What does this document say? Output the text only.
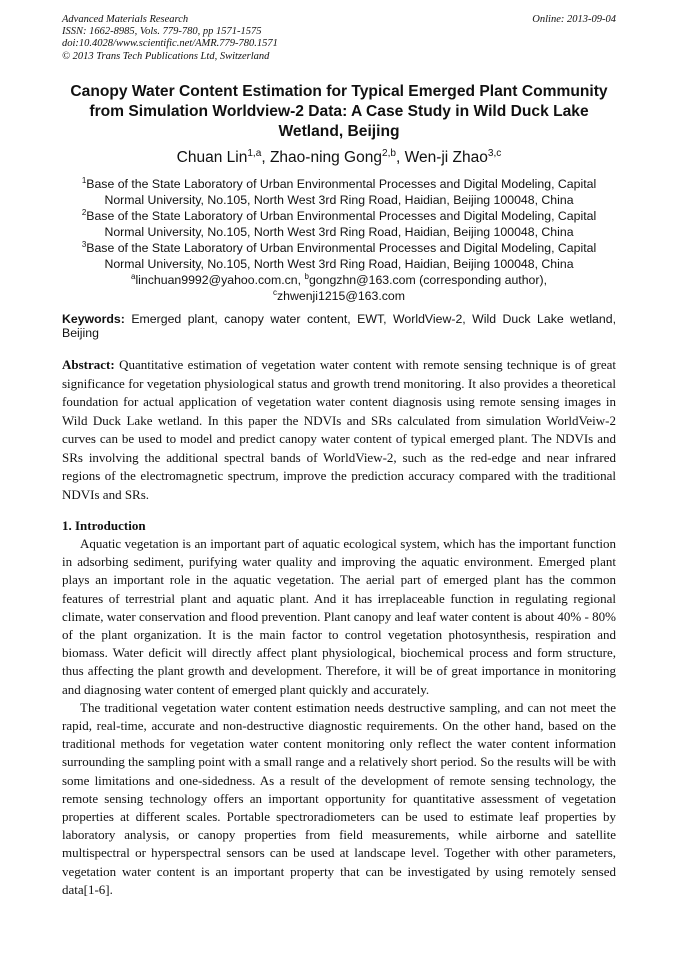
Advanced Materials Research
ISSN: 1662-8985, Vols. 779-780, pp 1571-1575
doi:10.4028/www.scientific.net/AMR.779-780.1571
© 2013 Trans Tech Publications Ltd, Switzerland
Online: 2013-09-04
Canopy Water Content Estimation for Typical Emerged Plant Community from Simulation Worldview-2 Data: A Case Study in Wild Duck Lake Wetland, Beijing
Chuan Lin$^{1,a}$, Zhao-ning Gong$^{2,b}$, Wen-ji Zhao$^{3,c}$
$^1$Base of the State Laboratory of Urban Environmental Processes and Digital Modeling, Capital Normal University, No.105, North West 3rd Ring Road, Haidian, Beijing 100048, China
$^2$Base of the State Laboratory of Urban Environmental Processes and Digital Modeling, Capital Normal University, No.105, North West 3rd Ring Road, Haidian, Beijing 100048, China
$^3$Base of the State Laboratory of Urban Environmental Processes and Digital Modeling, Capital Normal University, No.105, North West 3rd Ring Road, Haidian, Beijing 100048, China
$^a$linchuan9992@yahoo.com.cn, $^b$gongzhn@163.com (corresponding author),
$^c$zhwenji1215@163.com
Keywords: Emerged plant, canopy water content, EWT, WorldView-2, Wild Duck Lake wetland, Beijing
Abstract: Quantitative estimation of vegetation water content with remote sensing technique is of great significance for vegetation physiological status and growth trend monitoring. It also provides a theoretical foundation for actual application of vegetation water content diagnosis using remote sensing images in Wild Duck Lake wetland. In this paper the NDVIs and SRs calculated from simulation WorldVeiw-2 curves can be used to model and predict canopy water content of typical emerged plant. The NDVIs and SRs involving the additional spectral bands of WorldView-2, such as the red-edge and near infrared regions of the electromagnetic spectrum, improve the prediction accuracy compared with the traditional NDVIs and SRs.
1. Introduction

Aquatic vegetation is an important part of aquatic ecological system, which has the important function in adsorbing sediment, purifying water quality and improving the aquatic environment. Emerged plant plays an important role in the aquatic vegetation. The aerial part of emerged plant has the common features of terrestrial plant and aquatic plant. And it has irreplaceable function in regulating regional climate, water conservation and flood prevention. Plant canopy and leaf water content is about 40% - 80% of the plant organization. It is the main factor to control vegetation photosynthesis, respiration and biomass. Water deficit will directly affect plant physiological, biochemical process and form structure, thus affecting the plant growth and development. Therefore, it will be of great importance in monitoring and diagnosing water content of emerged plant quickly and accurately.

The traditional vegetation water content estimation needs destructive sampling, and can not meet the rapid, real-time, accurate and non-destructive diagnostic requirements. On the other hand, based on the traditional methods for vegetation water content monitoring only reflect the water content information surrounding the sampling point with a small range and a relatively short period. So the results will be with some limitations and one-sidedness. As a result of the development of remote sensing technology, the remote sensing technology offers an important opportunity for quantitative assessment of vegetation properties at different scales. Portable spectroradiometers can be used to estimate leaf properties by laboratory analysis, or canopy properties from field measurements, while airborne and satellite multispectral or hyperspectral sensors can be used at landscape level. Together with other parameters, vegetation water content is an important property that can be investigated by using remotely sensed data[1-6].
